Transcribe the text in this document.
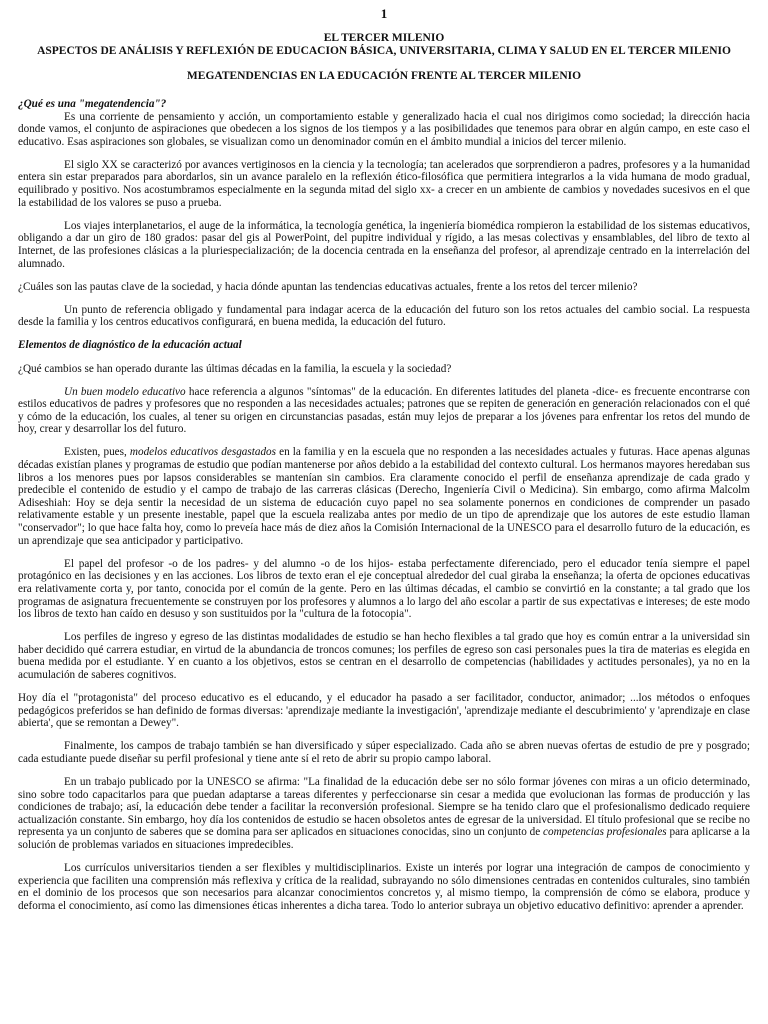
1
EL TERCER MILENIO
ASPECTOS DE ANÁLISIS Y REFLEXIÓN DE EDUCACION BÁSICA, UNIVERSITARIA, CLIMA Y SALUD EN EL TERCER MILENIO
MEGATENDENCIAS EN LA EDUCACIÓN FRENTE AL TERCER MILENIO

¿Qué es una "megatendencia"?

Es una corriente de pensamiento y acción, un comportamiento estable y generalizado hacia el cual nos dirigimos como sociedad; la dirección hacia donde vamos, el conjunto de aspiraciones que obedecen a los signos de los tiempos y a las posibilidades que tenemos para obrar en algún campo, en este caso el educativo. Esas aspiraciones son globales, se visualizan como un denominador común en el ámbito mundial a inicios del tercer milenio.

El siglo XX se caracterizó por avances vertiginosos en la ciencia y la tecnología; tan acelerados que sorprendieron a padres, profesores y a la humanidad entera sin estar preparados para abordarlos, sin un avance paralelo en la reflexión ético-filosófica que permitiera integrarlos a la vida humana de modo gradual, equilibrado y positivo. Nos acostumbramos especialmente en la segunda mitad del siglo xx- a crecer en un ambiente de cambios y novedades sucesivos en el que la estabilidad de los valores se puso a prueba.

Los viajes interplanetarios, el auge de la informática, la tecnología genética, la ingeniería biomédica rompieron la estabilidad de los sistemas educativos, obligando a dar un giro de 180 grados: pasar del gis al PowerPoint, del pupitre individual y rígido, a las mesas colectivas y ensamblables, del libro de texto al Internet, de las profesiones clásicas a la pluriespecialización; de la docencia centrada en la enseñanza del profesor, al aprendizaje centrado en la interrelación del alumnado.

¿Cuáles son las pautas clave de la sociedad, y hacia dónde apuntan las tendencias educativas actuales, frente a los retos del tercer milenio?

Un punto de referencia obligado y fundamental para indagar acerca de la educación del futuro son los retos actuales del cambio social. La respuesta desde la familia y los centros educativos configurará, en buena medida, la educación del futuro.

Elementos de diagnóstico de la educación actual

¿Qué cambios se han operado durante las últimas décadas en la familia, la escuela y la sociedad?

Un buen modelo educativo hace referencia a algunos "síntomas" de la educación. En diferentes latitudes del planeta -dice- es frecuente encontrarse con estilos educativos de padres y profesores que no responden a las necesidades actuales; patrones que se repiten de generación en generación relacionados con el qué y cómo de la educación, los cuales, al tener su origen en circunstancias pasadas, están muy lejos de preparar a los jóvenes para enfrentar los retos del mundo de hoy, crear y desarrollar los del futuro.

Existen, pues, modelos educativos desgastados en la familia y en la escuela que no responden a las necesidades actuales y futuras. Hace apenas algunas décadas existían planes y programas de estudio que podían mantenerse por años debido a la estabilidad del contexto cultural. Los hermanos mayores heredaban sus libros a los menores pues por lapsos considerables se mantenían sin cambios. Era claramente conocido el perfil de enseñanza aprendizaje de cada grado y predecible el contenido de estudio y el campo de trabajo de las carreras clásicas (Derecho, Ingeniería Civil o Medicina). Sin embargo, como afirma Malcolm Adiseshiah: Hoy se deja sentir la necesidad de un sistema de educación cuyo papel no sea solamente ponernos en condiciones de comprender un pasado relativamente estable y un presente inestable, papel que la escuela realizaba antes por medio de un tipo de aprendizaje que los autores de este estudio llaman "conservador"; lo que hace falta hoy, como lo preveía hace más de diez años la Comisión Internacional de la UNESCO para el desarrollo futuro de la educación, es un aprendizaje que sea anticipador y participativo.

El papel del profesor -o de los padres- y del alumno -o de los hijos- estaba perfectamente diferenciado, pero el educador tenía siempre el papel protagónico en las decisiones y en las acciones. Los libros de texto eran el eje conceptual alrededor del cual giraba la enseñanza; la oferta de opciones educativas era relativamente corta y, por tanto, conocida por el común de la gente. Pero en las últimas décadas, el cambio se convirtió en la constante; a tal grado que los programas de asignatura frecuentemente se construyen por los profesores y alumnos a lo largo del año escolar a partir de sus expectativas e intereses; de este modo los libros de texto han caído en desuso y son sustituidos por la "cultura de la fotocopia".

Los perfiles de ingreso y egreso de las distintas modalidades de estudio se han hecho flexibles a tal grado que hoy es común entrar a la universidad sin haber decidido qué carrera estudiar, en virtud de la abundancia de troncos comunes; los perfiles de egreso son casi personales pues la tira de materias es elegida en buena medida por el estudiante. Y en cuanto a los objetivos, estos se centran en el desarrollo de competencias (habilidades y actitudes personales), ya no en la acumulación de saberes cognitivos.

Hoy día el "protagonista" del proceso educativo es el educando, y el educador ha pasado a ser facilitador, conductor, animador; ...los métodos o enfoques pedagógicos preferidos se han definido de formas diversas: 'aprendizaje mediante la investigación', 'aprendizaje mediante el descubrimiento' y 'aprendizaje en clase abierta', que se remontan a Dewey".

Finalmente, los campos de trabajo también se han diversificado y súper especializado. Cada año se abren nuevas ofertas de estudio de pre y posgrado; cada estudiante puede diseñar su perfil profesional y tiene ante sí el reto de abrir su propio campo laboral.

En un trabajo publicado por la UNESCO se afirma: "La finalidad de la educación debe ser no sólo formar jóvenes con miras a un oficio determinado, sino sobre todo capacitarlos para que puedan adaptarse a tareas diferentes y perfeccionarse sin cesar a medida que evolucionan las formas de producción y las condiciones de trabajo; así, la educación debe tender a facilitar la reconversión profesional. Siempre se ha tenido claro que el profesionalismo dedicado requiere actualización constante. Sin embargo, hoy día los contenidos de estudio se hacen obsoletos antes de egresar de la universidad. El título profesional que se recibe no representa ya un conjunto de saberes que se domina para ser aplicados en situaciones conocidas, sino un conjunto de competencias profesionales para aplicarse a la solución de problemas variados en situaciones impredecibles.

Los currículos universitarios tienden a ser flexibles y multidisciplinarios. Existe un interés por lograr una integración de campos de conocimiento y experiencia que faciliten una comprensión más reflexiva y crítica de la realidad, subrayando no sólo dimensiones centradas en contenidos culturales, sino también en el dominio de los procesos que son necesarios para alcanzar conocimientos concretos y, al mismo tiempo, la comprensión de cómo se elabora, produce y deforma el conocimiento, así como las dimensiones éticas inherentes a dicha tarea. Todo lo anterior subraya un objetivo educativo definitivo: aprender a aprender.
